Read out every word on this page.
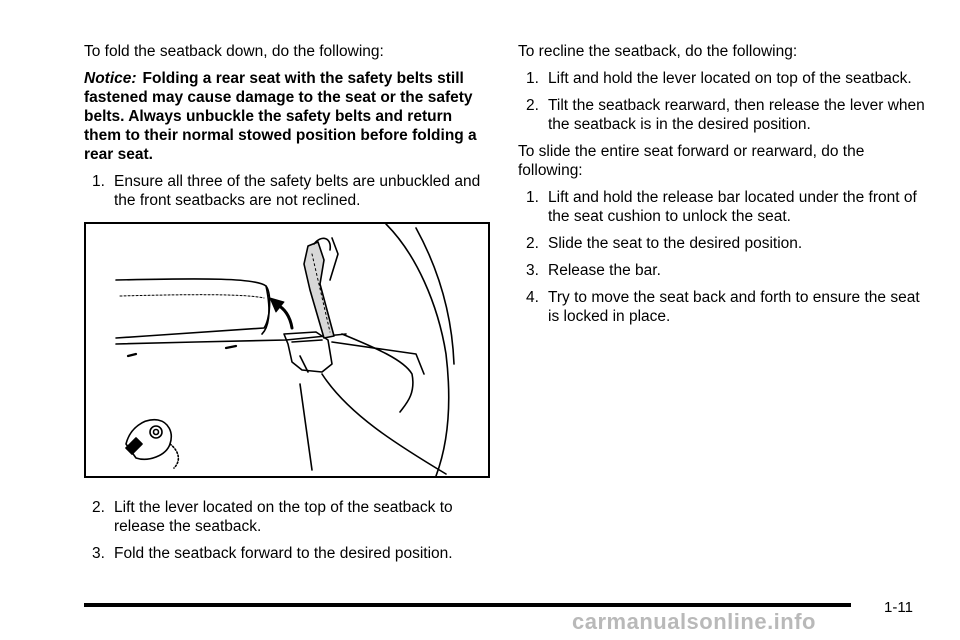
To fold the seatback down, do the following:

Notice: Folding a rear seat with the safety belts still fastened may cause damage to the seat or the safety belts. Always unbuckle the safety belts and return them to their normal stowed position before folding a rear seat.

1. Ensure all three of the safety belts are unbuckled and the front seatbacks are not reclined.
2. Lift the lever located on the top of the seatback to release the seatback.
3. Fold the seatback forward to the desired position.

To recline the seatback, do the following:

1. Lift and hold the lever located on top of the seatback.
2. Tilt the seatback rearward, then release the lever when the seatback is in the desired position.

To slide the entire seat forward or rearward, do the following:

1. Lift and hold the release bar located under the front of the seat cushion to unlock the seat.
2. Slide the seat to the desired position.
3. Release the bar.
4. Try to move the seat back and forth to ensure the seat is locked in place.
1-11
carmanualsonline.info
